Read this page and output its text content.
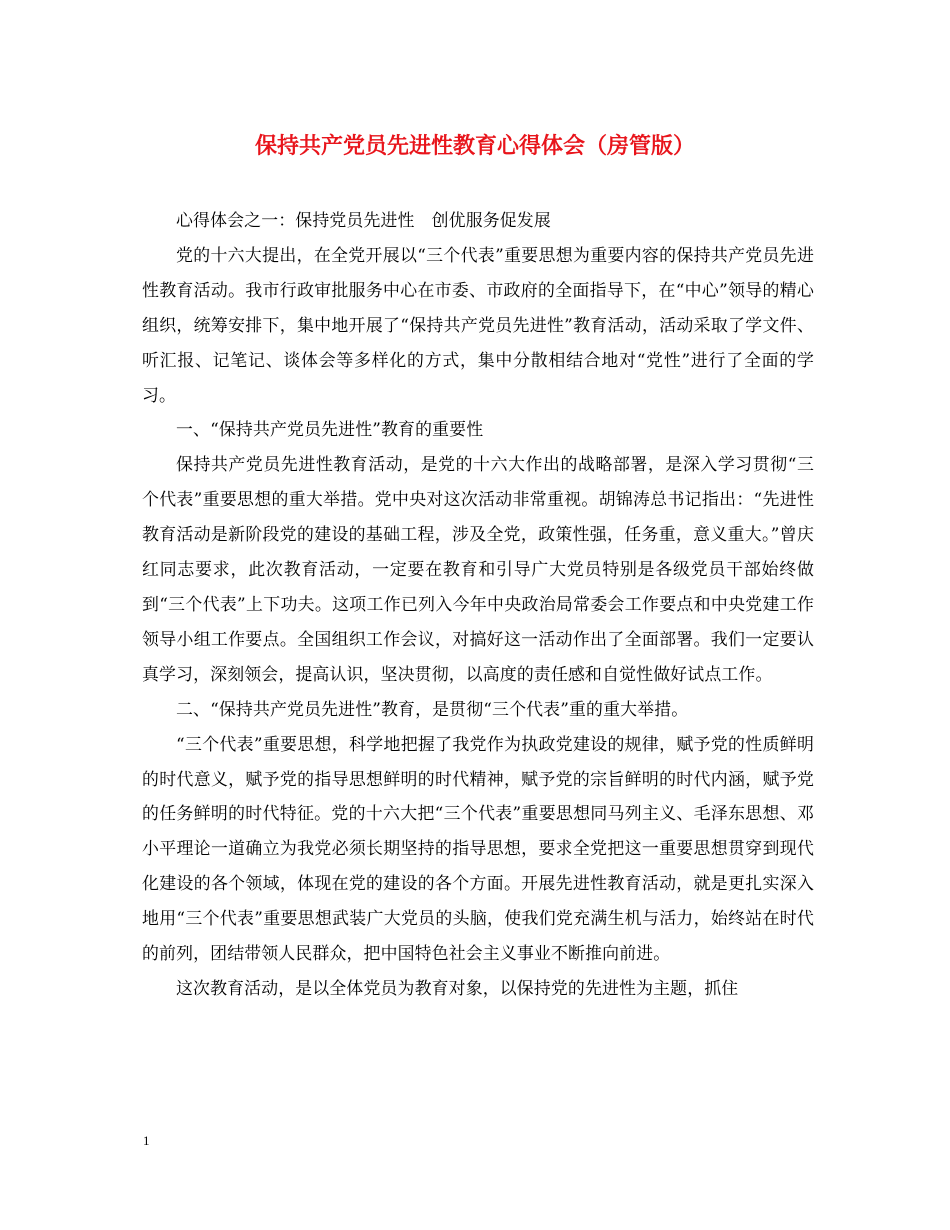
保持共产党员先进性教育心得体会（房管版）

心得体会之一：保持党员先进性　创优服务促发展

党的十六大提出，在全党开展以“三个代表”重要思想为重要内容的保持共产党员先进性教育活动。我市行政审批服务中心在市委、市政府的全面指导下，在“中心”领导的精心组织，统筹安排下，集中地开展了“保持共产党员先进性”教育活动，活动采取了学文件、听汇报、记笔记、谈体会等多样化的方式，集中分散相结合地对“党性”进行了全面的学习。

一、“保持共产党员先进性”教育的重要性

保持共产党员先进性教育活动，是党的十六大作出的战略部署，是深入学习贯彻“三个代表”重要思想的重大举措。党中央对这次活动非常重视。胡锦涛总书记指出：“先进性教育活动是新阶段党的建设的基础工程，涉及全党，政策性强，任务重，意义重大。”曾庆红同志要求，此次教育活动，一定要在教育和引导广大党员特别是各级党员干部始终做到“三个代表”上下功夫。这项工作已列入今年中央政治局常委会工作要点和中央党建工作领导小组工作要点。全国组织工作会议，对搞好这一活动作出了全面部署。我们一定要认真学习，深刻领会，提高认识，坚决贯彻，以高度的责任感和自觉性做好试点工作。

二、“保持共产党员先进性”教育，是贯彻“三个代表”重的重大举措。

“三个代表”重要思想，科学地把握了我党作为执政党建设的规律，赋予党的性质鲜明的时代意义，赋予党的指导思想鲜明的时代精神，赋予党的宗旨鲜明的时代内涵，赋予党的任务鲜明的时代特征。党的十六大把“三个代表”重要思想同马列主义、毛泽东思想、邓小平理论一道确立为我党必须长期坚持的指导思想，要求全党把这一重要思想贯穿到现代化建设的各个领域，体现在党的建设的各个方面。开展先进性教育活动，就是更扎实深入地用“三个代表”重要思想武装广大党员的头脑，使我们党充满生机与活力，始终站在时代的前列，团结带领人民群众，把中国特色社会主义事业不断推向前进。

这次教育活动，是以全体党员为教育对象，以保持党的先进性为主题，抓住

1
